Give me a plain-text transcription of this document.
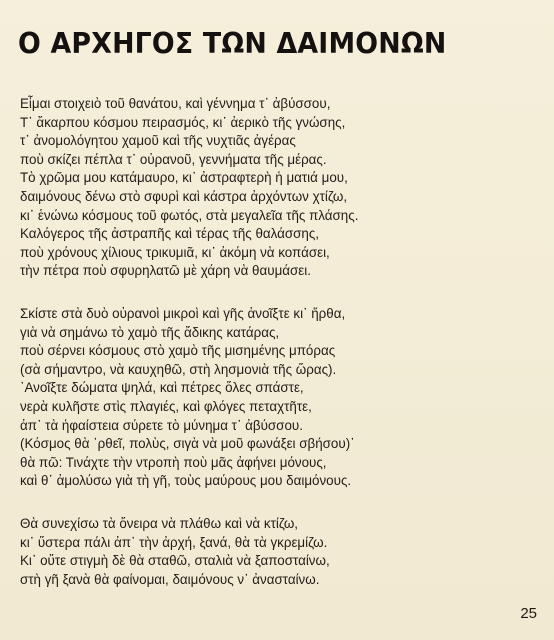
Ο ΑΡΧΗΓΟΣ ΤΩΝ ΔΑΙΜΟΝΩΝ
Εἶμαι στοιχειὸ τοῦ θανάτου, καὶ γέννημα τ᾽ ἀβύσσου,
Τ᾽ ἄκαρπου κόσμου πειρασμός, κι᾽ ἀερικὸ τῆς γνώσης,
τ᾽ ἀνομολόγητου χαμοῦ καὶ τῆς νυχτιᾶς ἀγέρας
ποὺ σκίζει πέπλα τ᾽ οὐρανοῦ, γεννήματα τῆς μέρας.
Τὸ χρῶμα μου κατάμαυρο, κι᾽ ἀστραφτερὴ ἡ ματιά μου,
δαιμόνους δένω στὸ σφυρὶ καὶ κάστρα ἀρχόντων χτίζω,
κι᾽ ἑνώνω κόσμους τοῦ φωτός, στὰ μεγαλεῖα τῆς πλάσης.
Καλόγερος τῆς ἀστραπῆς καὶ τέρας τῆς θαλάσσης,
ποὺ χρόνους χίλιους τρικυμιᾶ, κι᾽ ἀκόμη νὰ κοπάσει,
τὴν πέτρα ποὺ σφυρηλατῶ μὲ χάρη νὰ θαυμάσει.
Σκίστε στὰ δυὸ οὐρανοὶ μικροὶ καὶ γῆς ἀνοῖξτε κι᾽ ἤρθα,
γιὰ νὰ σημάνω τὸ χαμὸ τῆς ἄδικης κατάρας,
ποὺ σέρνει κόσμους στὸ χαμὸ τῆς μισημένης μπόρας
(σὰ σήμαντρο, νὰ καυχηθῶ, στὴ λησμονιὰ τῆς ὥρας).
᾽Ανοῖξτε δώματα ψηλά, καὶ πέτρες ὅλες σπάστε,
νερὰ κυλῆστε στὶς πλαγιές, καὶ φλόγες πεταχτῆτε,
ἀπ᾽ τὰ ἡφαίστεια σύρετε τὸ μύνημα τ᾽ ἀβύσσου.
(Κόσμος θὰ ᾽ρθεῖ, πολὺς, σιγὰ νὰ μοῦ φωνάξει σβήσου)᾽
θὰ πῶ: Τινάχτε τὴν ντροπὴ ποὺ μᾶς ἀφήνει μόνους,
καὶ θ᾽ ἀμολύσω γιὰ τὴ γῆ, τοὺς μαύρους μου δαιμόνους.
Θὰ συνεχίσω τὰ ὄνειρα νὰ πλάθω καὶ νὰ κτίζω,
κι᾽ ὕστερα πάλι ἀπ᾽ τὴν ἀρχή, ξανά, θὰ τὰ γκρεμίζω.
Κι᾽ οὔτε στιγμὴ δὲ θὰ σταθῶ, σταλιὰ νὰ ξαποσταίνω,
στὴ γῆ ξανὰ θὰ φαίνομαι, δαιμόνους ν᾽ ἀνασταίνω.
25
